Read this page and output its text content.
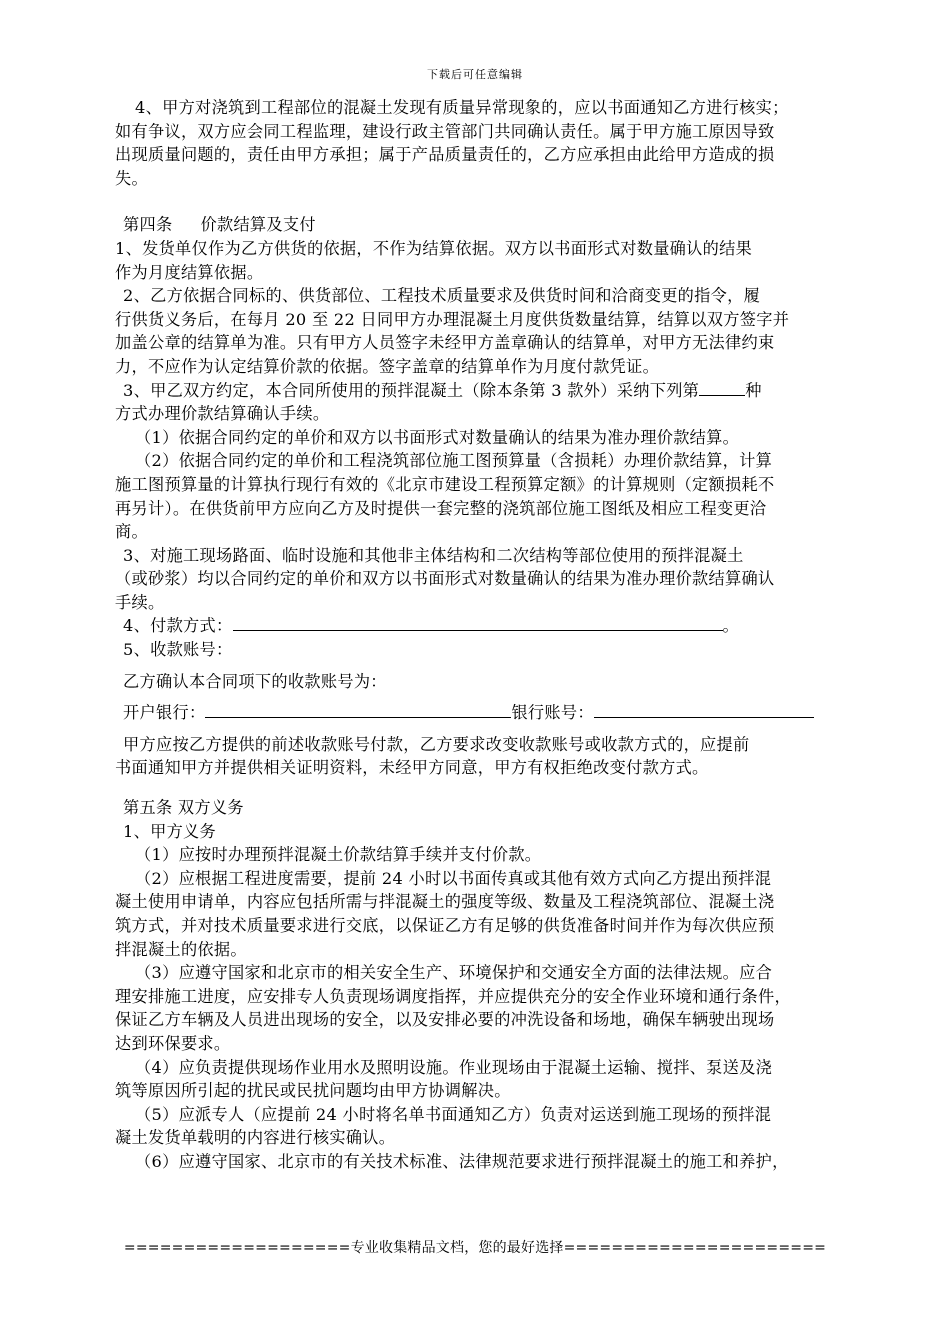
下载后可任意编辑

4、甲方对浇筑到工程部位的混凝土发现有质量异常现象的，应以书面通知乙方进行核实；

如有争议，双方应会同工程监理，建设行政主管部门共同确认责任。属于甲方施工原因导致

出现质量问题的，责任由甲方承担；属于产品质量责任的，乙方应承担由此给甲方造成的损

失。

第四条 价款结算及支付

1、发货单仅作为乙方供货的依据，不作为结算依据。双方以书面形式对数量确认的结果

作为月度结算依据。

2、乙方依据合同标的、供货部位、工程技术质量要求及供货时间和洽商变更的指令，履

行供货义务后，在每月 20 至 22 日同甲方办理混凝土月度供货数量结算，结算以双方签字并

加盖公章的结算单为准。只有甲方人员签字未经甲方盖章确认的结算单，对甲方无法律约束

力，不应作为认定结算价款的依据。签字盖章的结算单作为月度付款凭证。

3、甲乙双方约定，本合同所使用的预拌混凝土（除本条第 3 款外）采纳下列第	种

方式办理价款结算确认手续。

（1）依据合同约定的单价和双方以书面形式对数量确认的结果为准办理价款结算。

（2）依据合同约定的单价和工程浇筑部位施工图预算量（含损耗）办理价款结算，计算

施工图预算量的计算执行现行有效的《北京市建设工程预算定额》的计算规则（定额损耗不

再另计）。在供货前甲方应向乙方及时提供一套完整的浇筑部位施工图纸及相应工程变更洽

商。

3、对施工现场路面、临时设施和其他非主体结构和二次结构等部位使用的预拌混凝土

（或砂浆）均以合同约定的单价和双方以书面形式对数量确认的结果为准办理价款结算确认

手续。

4、付款方式：	。

5、收款账号：

乙方确认本合同项下的收款账号为：

开户银行：	银行账号：

甲方应按乙方提供的前述收款账号付款，乙方要求改变收款账号或收款方式的，应提前

书面通知甲方并提供相关证明资料，未经甲方同意，甲方有权拒绝改变付款方式。

第五条 双方义务

1、甲方义务

（1）应按时办理预拌混凝土价款结算手续并支付价款。

（2）应根据工程进度需要，提前 24 小时以书面传真或其他有效方式向乙方提出预拌混

凝土使用申请单，内容应包括所需与拌混凝土的强度等级、数量及工程浇筑部位、混凝土浇

筑方式，并对技术质量要求进行交底，以保证乙方有足够的供货准备时间并作为每次供应预

拌混凝土的依据。

（3）应遵守国家和北京市的相关安全生产、环境保护和交通安全方面的法律法规。应合

理安排施工进度，应安排专人负责现场调度指挥，并应提供充分的安全作业环境和通行条件，

保证乙方车辆及人员进出现场的安全，以及安排必要的冲洗设备和场地，确保车辆驶出现场

达到环保要求。

（4）应负责提供现场作业用水及照明设施。作业现场由于混凝土运输、搅拌、泵送及浇

筑等原因所引起的扰民或民扰问题均由甲方协调解决。

（5）应派专人（应提前 24 小时将名单书面通知乙方）负责对运送到施工现场的预拌混

凝土发货单载明的内容进行核实确认。

（6）应遵守国家、北京市的有关技术标准、法律规范要求进行预拌混凝土的施工和养护，

===================专业收集精品文档，您的最好选择======================
